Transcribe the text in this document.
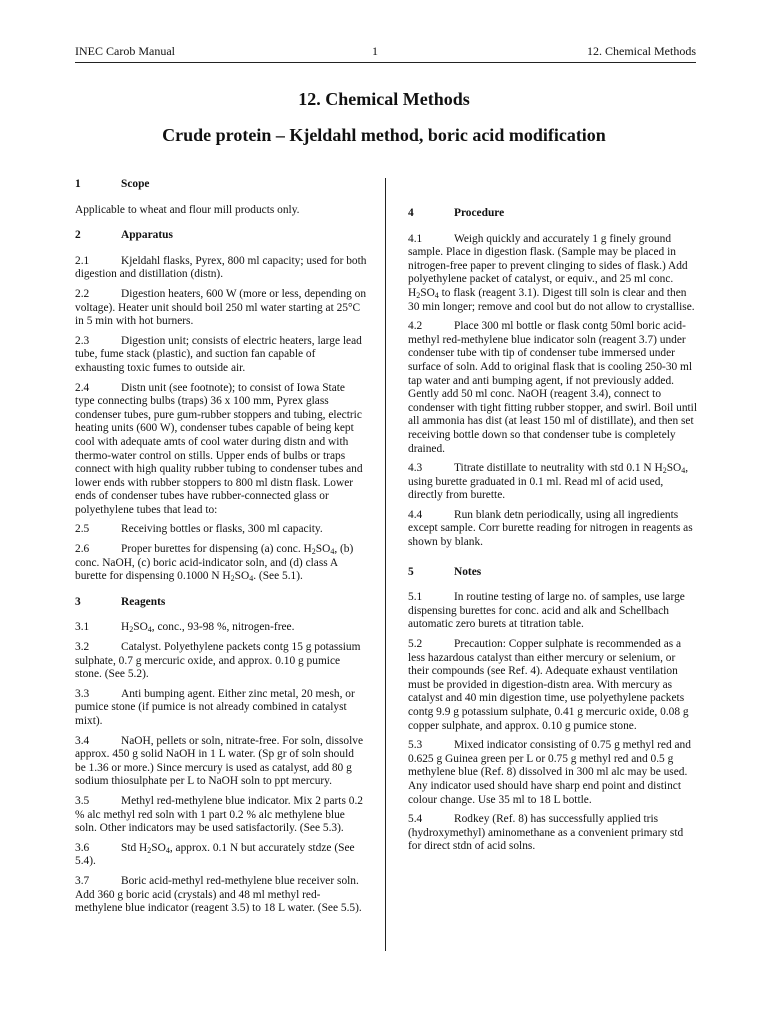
INEC Carob Manual	1	12. Chemical Methods
12. Chemical Methods
Crude protein – Kjeldahl method, boric acid modification
1	Scope

Applicable to wheat and flour mill products only.

2	Apparatus

2.1	Kjeldahl flasks, Pyrex, 800 ml capacity; used for both digestion and distillation (distn).

2.2	Digestion heaters, 600 W (more or less, depending on voltage). Heater unit should boil 250 ml water starting at 25°C in 5 min with hot burners.

2.3	Digestion unit; consists of electric heaters, large lead tube, fume stack (plastic), and suction fan capable of exhausting toxic fumes to outside air.

2.4	Distn unit (see footnote); to consist of Iowa State type connecting bulbs (traps) 36 x 100 mm, Pyrex glass condenser tubes, pure gum-rubber stoppers and tubing, electric heating units (600 W), condenser tubes capable of being kept cool with adequate amts of cool water during distn and with thermo-water control on stills. Upper ends of bulbs or traps connect with high quality rubber tubing to condenser tubes and lower ends with rubber stoppers to 800 ml distn flask. Lower ends of condenser tubes have rubber-connected glass or polyethylene tubes that lead to:

2.5	Receiving bottles or flasks, 300 ml capacity.

2.6	Proper burettes for dispensing (a) conc. $H_2SO_4$, (b) conc. NaOH, (c) boric acid-indicator soln, and (d) class A burette for dispensing 0.1000 N $H_2SO_4$. (See 5.1).

3	Reagents

3.1	$H_2SO_4$, conc., 93-98 %, nitrogen-free.

3.2	Catalyst. Polyethylene packets contg 15 g potassium sulphate, 0.7 g mercuric oxide, and approx. 0.10 g pumice stone. (See 5.2).

3.3	Anti bumping agent. Either zinc metal, 20 mesh, or pumice stone (if pumice is not already combined in catalyst mixt).

3.4	NaOH, pellets or soln, nitrate-free. For soln, dissolve approx. 450 g solid NaOH in 1 L water. (Sp gr of soln should be 1.36 or more.) Since mercury is used as catalyst, add 80 g sodium thiosulphate per L to NaOH soln to ppt mercury.

3.5	Methyl red-methylene blue indicator. Mix 2 parts 0.2 % alc methyl red soln with 1 part 0.2 % alc methylene blue soln. Other indicators may be used satisfactorily. (See 5.3).

3.6	Std $H_2SO_4$, approx. 0.1 N but accurately stdze (See 5.4).

3.7	Boric acid-methyl red-methylene blue receiver soln. Add 360 g boric acid (crystals) and 48 ml methyl red-methylene blue indicator (reagent 3.5) to 18 L water. (See 5.5).

4	Procedure

4.1	Weigh quickly and accurately 1 g finely ground sample. Place in digestion flask. (Sample may be placed in nitrogen-free paper to prevent clinging to sides of flask.) Add polyethylene packet of catalyst, or equiv., and 25 ml conc. $H_2SO_4$ to flask (reagent 3.1). Digest till soln is clear and then 30 min longer; remove and cool but do not allow to crystallise.

4.2	Place 300 ml bottle or flask contg 50ml boric acid-methyl red-methylene blue indicator soln (reagent 3.7) under condenser tube with tip of condenser tube immersed under surface of soln. Add to original flask that is cooling 250-30 ml tap water and anti bumping agent, if not previously added. Gently add 50 ml conc. NaOH (reagent 3.4), connect to condenser with tight fitting rubber stopper, and swirl. Boil until all ammonia has dist (at least 150 ml of distillate), and then set receiving bottle down so that condenser tube is completely drained.

4.3	Titrate distillate to neutrality with std 0.1 N $H_2SO_4$, using burette graduated in 0.1 ml. Read ml of acid used, directly from burette.

4.4	Run blank detn periodically, using all ingredients except sample. Corr burette reading for nitrogen in reagents as shown by blank.

5	Notes

5.1	In routine testing of large no. of samples, use large dispensing burettes for conc. acid and alk and Schellbach automatic zero burets at titration table.

5.2	Precaution: Copper sulphate is recommended as a less hazardous catalyst than either mercury or selenium, or their compounds (see Ref. 4). Adequate exhaust ventilation must be provided in digestion-distn area. With mercury as catalyst and 40 min digestion time, use polyethylene packets contg 9.9 g potassium sulphate, 0.41 g mercuric oxide, 0.08 g copper sulphate, and approx. 0.10 g pumice stone.

5.3	Mixed indicator consisting of 0.75 g methyl red and 0.625 g Guinea green per L or 0.75 g methyl red and 0.5 g methylene blue (Ref. 8) dissolved in 300 ml alc may be used. Any indicator used should have sharp end point and distinct colour change. Use 35 ml to 18 L bottle.

5.4	Rodkey (Ref. 8) has successfully applied tris (hydroxymethyl) aminomethane as a convenient primary std for direct stdn of acid solns.
